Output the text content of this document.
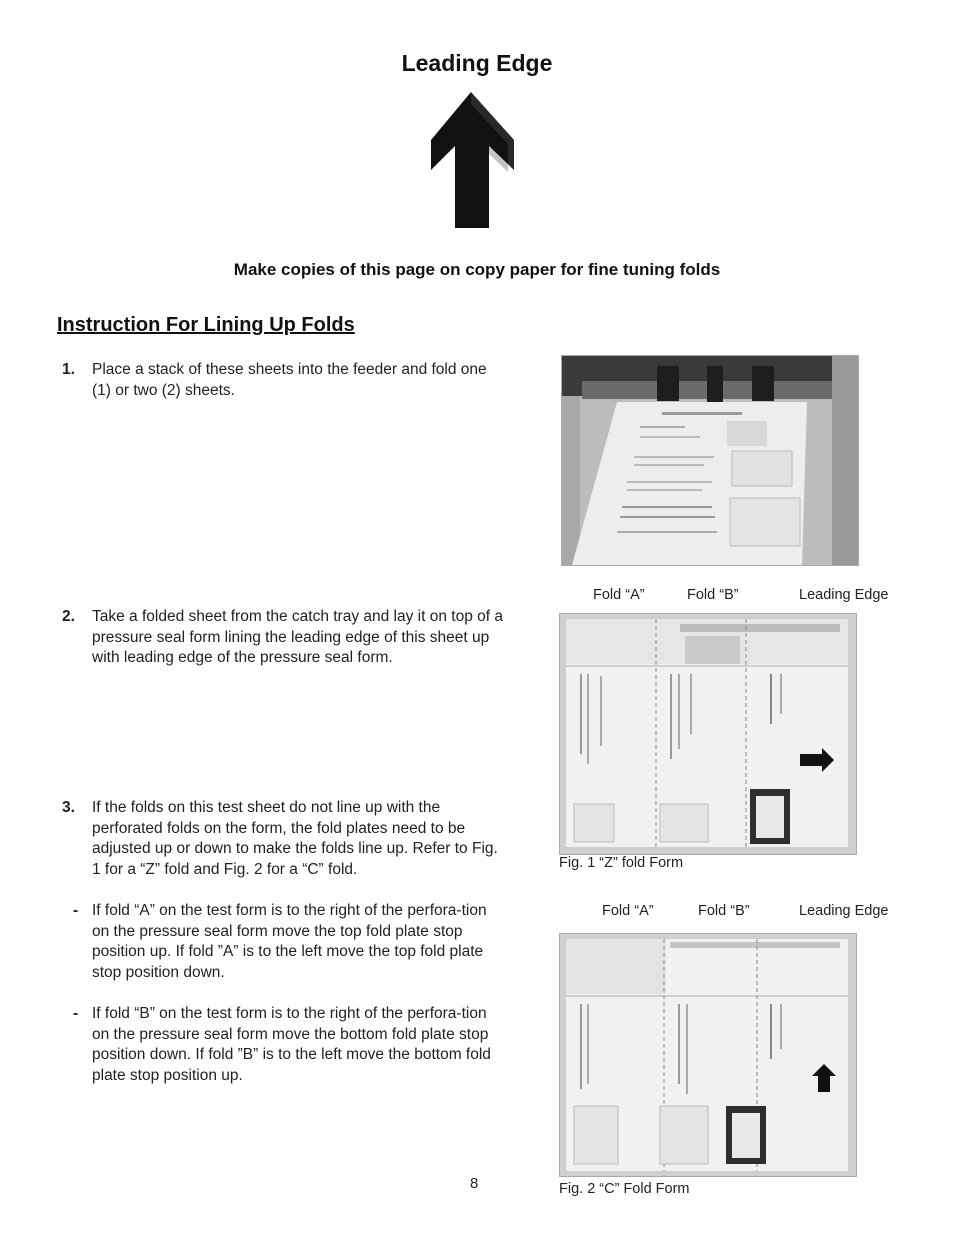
Leading Edge
Make copies of this page on copy paper for fine tuning folds
Instruction For Lining Up Folds
1.	Place a stack of these sheets into the feeder and fold one (1) or two (2) sheets.
2.	Take a folded sheet from the catch tray and lay it on top of a pressure seal form lining the leading edge of this sheet up with leading edge of the pressure seal form.
3.	If the folds on this test sheet do not line up with the perforated folds on the form, the fold plates need to be adjusted up or down to make the folds line up. Refer to Fig. 1 for a “Z” fold and Fig. 2 for a “C” fold.
- If fold “A” on the test form is to the right of the perfora-tion on the pressure seal form move the top fold plate stop position up. If fold ”A” is to the left move the top fold plate stop position down.
- If fold “B” on the test form is to the right of the perfora-tion on the pressure seal form move the bottom fold plate stop position down. If fold ”B” is to the left move the bottom fold plate stop position up.
Fold “A”	Fold “B”	Leading Edge
Fig. 1 “Z” fold Form
Fold “A”	Fold “B”	Leading Edge
Fig. 2 “C” Fold Form
8
